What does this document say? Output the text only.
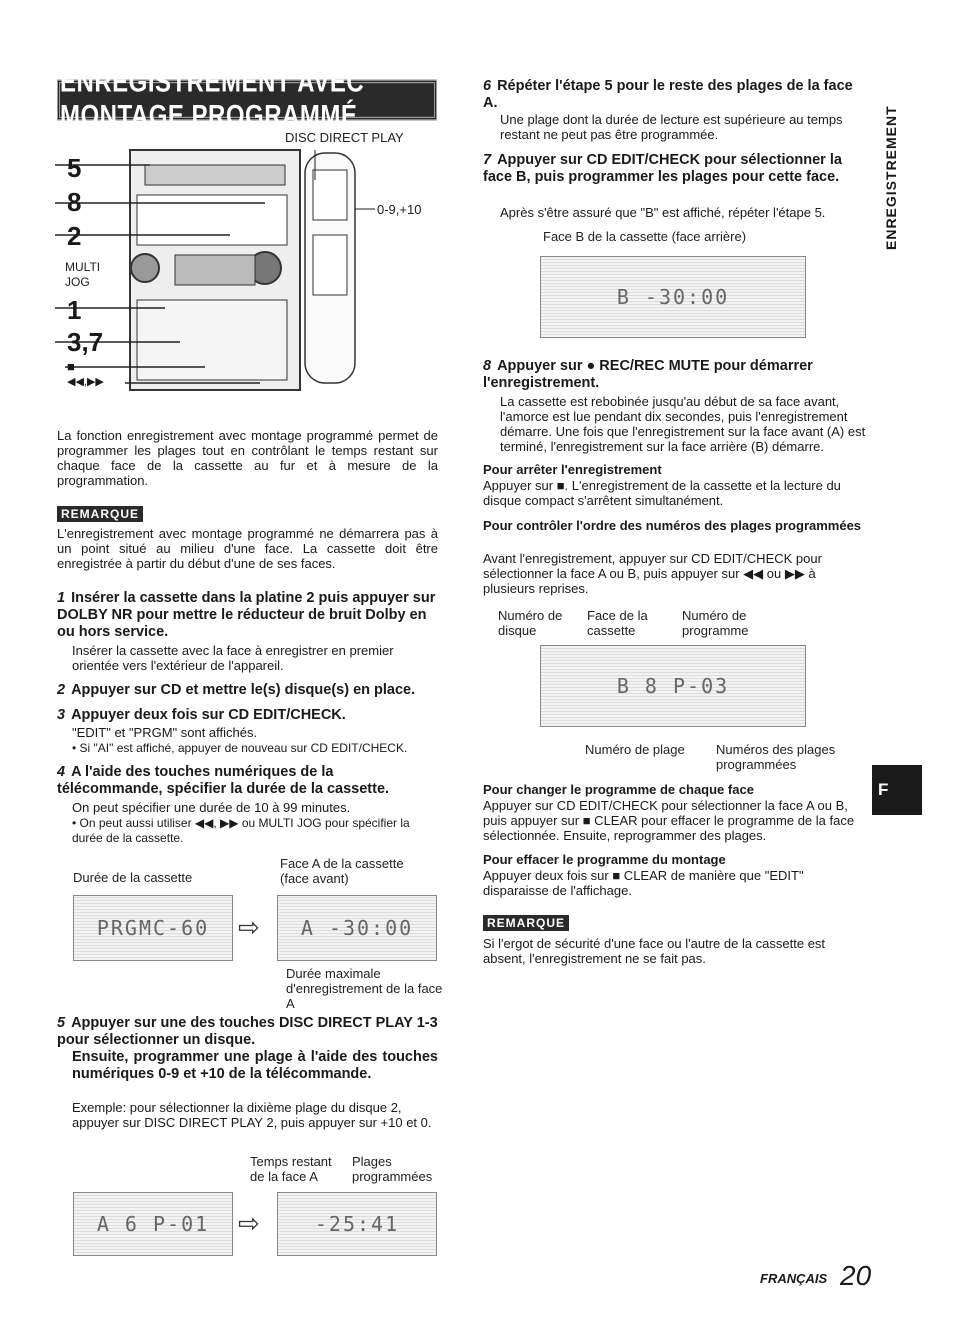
ENREGISTREMENT AVEC MONTAGE PROGRAMMÉ
DISC DIRECT PLAY
0-9,+10
MULTI
JOG
5
8
2
1
3,7
■
◀◀,▶▶
La fonction enregistrement avec montage programmé permet de programmer les plages tout en contrôlant le temps restant sur chaque face de la cassette au fur et à mesure de la programmation.
REMARQUE
L'enregistrement avec montage programmé ne démarrera pas à un point situé au milieu d'une face. La cassette doit être enregistrée à partir du début d'une de ses faces.
1 Insérer la cassette dans la platine 2 puis appuyer sur DOLBY NR pour mettre le réducteur de bruit Dolby en ou hors service.
Insérer la cassette avec la face à enregistrer en premier orientée vers l'extérieur de l'appareil.
2 Appuyer sur CD et mettre le(s) disque(s) en place.
3 Appuyer deux fois sur CD EDIT/CHECK.
"EDIT" et "PRGM" sont affichés.
• Si "AI" est affiché, appuyer de nouveau sur CD EDIT/CHECK.
4 A l'aide des touches numériques de la télécommande, spécifier la durée de la cassette.
On peut spécifier une durée de 10 à 99 minutes.
• On peut aussi utiliser ◀◀, ▶▶ ou MULTI JOG pour spécifier la durée de la cassette.
Durée de la cassette
Face A de la cassette (face avant)
PRGMC-60 ⇨ A -30:00
Durée maximale d'enregistrement de la face A
5 Appuyer sur une des touches DISC DIRECT PLAY 1-3 pour sélectionner un disque.
Ensuite, programmer une plage à l'aide des touches numériques 0-9 et +10 de la télécommande.
Exemple: pour sélectionner la dixième plage du disque 2, appuyer sur DISC DIRECT PLAY 2, puis appuyer sur +10 et 0.
Temps restant de la face A
Plages programmées
A 6 P-01 ⇨	-25:41
6 Répéter l'étape 5 pour le reste des plages de la face A.
Une plage dont la durée de lecture est supérieure au temps restant ne peut pas être programmée.
7 Appuyer sur CD EDIT/CHECK pour sélectionner la face B, puis programmer les plages pour cette face.
Après s'être assuré que "B" est affiché, répéter l'étape 5.
Face B de la cassette (face arrière)
B -30:00
8 Appuyer sur ● REC/REC MUTE pour démarrer l'enregistrement.
La cassette est rebobinée jusqu'au début de sa face avant, l'amorce est lue pendant dix secondes, puis l'enregistrement démarre. Une fois que l'enregistrement sur la face avant (A) est terminé, l'enregistrement sur la face arrière (B) démarre.
Pour arrêter l'enregistrement
Appuyer sur ■. L'enregistrement de la cassette et la lecture du disque compact s'arrêtent simultanément.
Pour contrôler l'ordre des numéros des plages programmées
Avant l'enregistrement, appuyer sur CD EDIT/CHECK pour sélectionner la face A ou B, puis appuyer sur ◀◀ ou ▶▶ à plusieurs reprises.
Numéro de disque
Face de la cassette
Numéro de programme
B 8 P-03
Numéro de plage Numéros des plages programmées
Pour changer le programme de chaque face
Appuyer sur CD EDIT/CHECK pour sélectionner la face A ou B, puis appuyer sur ■ CLEAR pour effacer le programme de la face sélectionnée. Ensuite, reprogrammer des plages.
Pour effacer le programme du montage
Appuyer deux fois sur ■ CLEAR de manière que "EDIT" disparaisse de l'affichage.
REMARQUE
Si l'ergot de sécurité d'une face ou l'autre de la cassette est absent, l'enregistrement ne se fait pas.
ENREGISTREMENT
F
FRANÇAIS 20
